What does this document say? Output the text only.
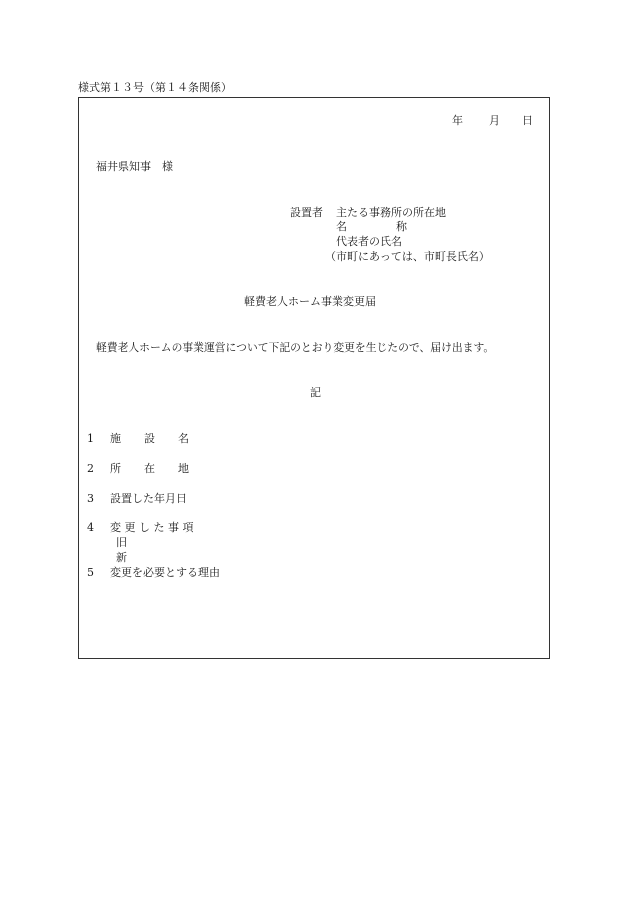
様式第１３号（第１４条関係）
年 月 日
福井県知事　様
設置者 主たる事務所の所在地
名	称
代表者の氏名
（市町にあっては、市町長氏名）
軽費老人ホーム事業変更届
軽費老人ホームの事業運営について下記のとおり変更を生じたので、届け出ます。
記
1 施 設 名
2 所 在 地
3 設置した年月日
4 変 更 し た 事 項
旧
新
5 変更を必要とする理由
